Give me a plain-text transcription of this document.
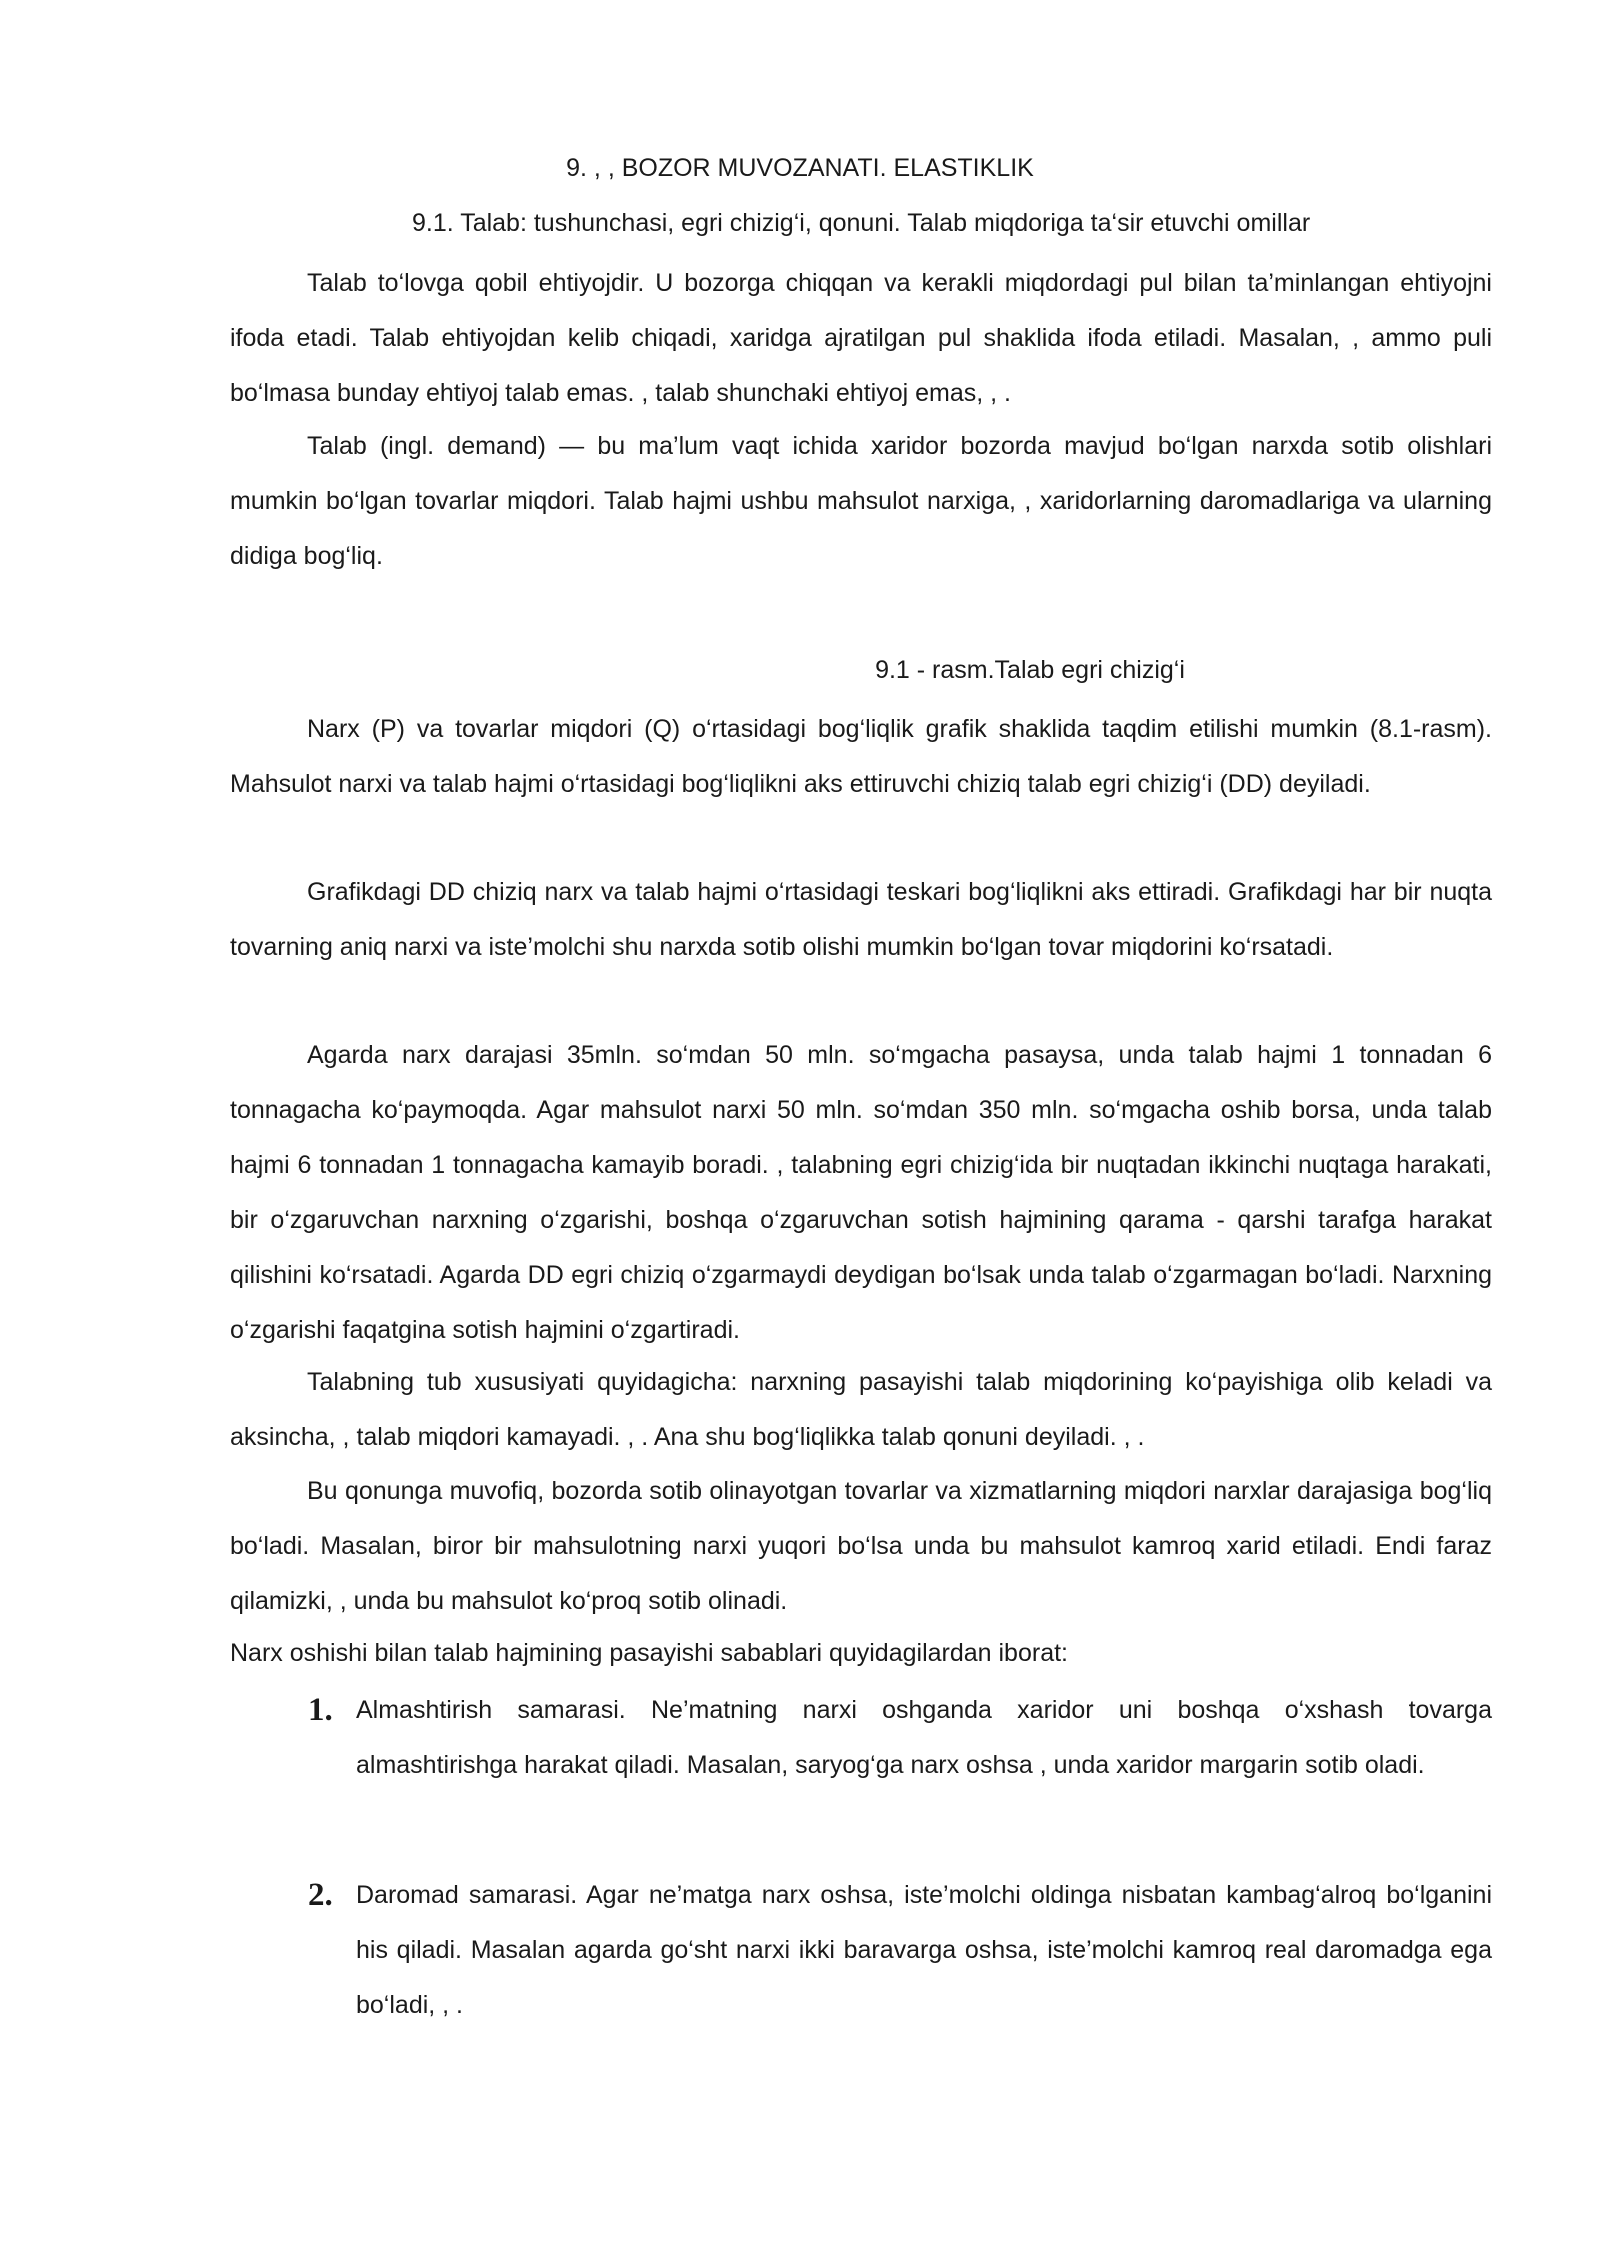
9. , , BOZOR MUVOZANATI. ELASTIKLIK
9.1. Talab: tushunchasi, egri chizig‘i, qonuni. Talab miqdoriga ta‘sir etuvchi omillar

Talab to‘lovga qobil ehtiyojdir. U bozorga chiqqan va kerakli miqdordagi pul bilan ta’minlangan ehtiyojni ifoda etadi. Talab ehtiyojdan kelib chiqadi, xaridga ajratilgan pul shaklida ifoda etiladi. Masalan, , ammo puli bo‘lmasa bunday ehtiyoj talab emas. , talab shunchaki ehtiyoj emas, , .

Talab (ingl. demand) — bu ma’lum vaqt ichida xaridor bozorda mavjud bo‘lgan narxda sotib olishlari mumkin bo‘lgan tovarlar miqdori. Talab hajmi ushbu mahsulot narxiga, , xaridorlarning daromadlariga va ularning didiga bog‘liq.

9.1 - rasm.Talab egri chizig‘i

Narx (P) va tovarlar miqdori (Q) o‘rtasidagi bog‘liqlik grafik shaklida taqdim etilishi mumkin (8.1-rasm). Mahsulot narxi va talab hajmi o‘rtasidagi bog‘liqlikni aks ettiruvchi chiziq talab egri chizig‘i (DD) deyiladi.

Grafikdagi DD chiziq narx va talab hajmi o‘rtasidagi teskari bog‘liqlikni aks ettiradi. Grafikdagi har bir nuqta tovarning aniq narxi va iste’molchi shu narxda sotib olishi mumkin bo‘lgan tovar miqdorini ko‘rsatadi.

Agarda narx darajasi 35mln. so‘mdan 50 mln. so‘mgacha pasaysa, unda talab hajmi 1 tonnadan 6 tonnagacha ko‘paymoqda. Agar mahsulot narxi 50 mln. so‘mdan 350 mln. so‘mgacha oshib borsa, unda talab hajmi 6 tonnadan 1 tonnagacha kamayib boradi. , talabning egri chizig‘ida bir nuqtadan ikkinchi nuqtaga harakati, bir o‘zgaruvchan narxning o‘zgarishi, boshqa o‘zgaruvchan sotish hajmining qarama - qarshi tarafga harakat qilishini ko‘rsatadi. Agarda DD egri chiziq o‘zgarmaydi deydigan bo‘lsak unda talab o‘zgarmagan bo‘ladi. Narxning o‘zgarishi faqatgina sotish hajmini o‘zgartiradi.

Talabning tub xususiyati quyidagicha: narxning pasayishi talab miqdorining ko‘payishiga olib keladi va aksincha, , talab miqdori kamayadi. , . Ana shu bog‘liqlikka talab qonuni deyiladi. , .

Bu qonunga muvofiq, bozorda sotib olinayotgan tovarlar va xizmatlarning miqdori narxlar darajasiga bog‘liq bo‘ladi. Masalan, biror bir mahsulotning narxi yuqori bo‘lsa unda bu mahsulot kamroq xarid etiladi. Endi faraz qilamizki, , unda bu mahsulot ko‘proq sotib olinadi.

Narx oshishi bilan talab hajmining pasayishi sabablari quyidagilardan iborat:

1. Almashtirish samarasi. Ne’matning narxi oshganda xaridor uni boshqa o‘xshash tovarga almashtirishga harakat qiladi. Masalan, saryog‘ga narx oshsa , unda xaridor margarin sotib oladi.

2. Daromad samarasi. Agar ne’matga narx oshsa, iste’molchi oldinga nisbatan kambag‘alroq bo‘lganini his qiladi. Masalan agarda go‘sht narxi ikki baravarga oshsa, iste’molchi kamroq real daromadga ega bo‘ladi, , .
